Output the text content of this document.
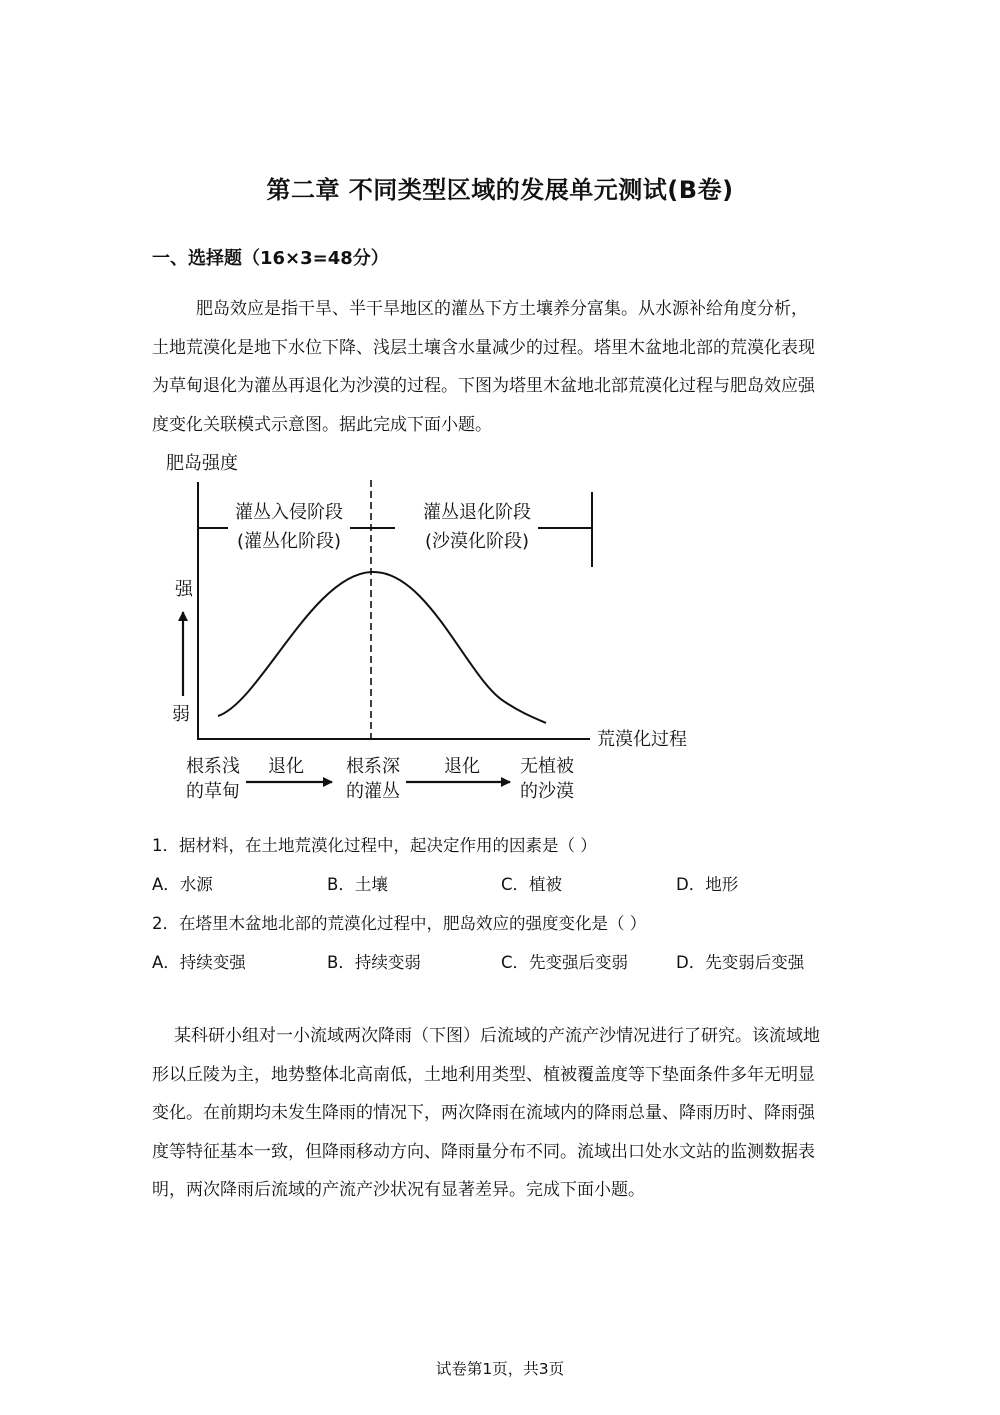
第二章 不同类型区域的发展单元测试(B卷)
一、选择题（16×3=48分）
肥岛效应是指干旱、半干旱地区的灌丛下方土壤养分富集。从水源补给角度分析，
土地荒漠化是地下水位下降、浅层土壤含水量减少的过程。塔里木盆地北部的荒漠化表现
为草甸退化为灌丛再退化为沙漠的过程。下图为塔里木盆地北部荒漠化过程与肥岛效应强
度变化关联模式示意图。据此完成下面小题。
肥岛强度
强
弱
灌丛入侵阶段
(灌丛化阶段)
灌丛退化阶段
(沙漠化阶段)
荒漠化过程
根系浅
的草甸
退化 根系深
的灌丛
退化 无植被
的沙漠
1．据材料，在土地荒漠化过程中，起决定作用的因素是（ ）
A．水源	B．土壤	C．植被	D．地形
2．在塔里木盆地北部的荒漠化过程中，肥岛效应的强度变化是（ ）
A．持续变强	B．持续变弱	C．先变强后变弱	D．先变弱后变强
某科研小组对一小流域两次降雨（下图）后流域的产流产沙情况进行了研究。该流域地
形以丘陵为主，地势整体北高南低，土地利用类型、植被覆盖度等下垫面条件多年无明显
变化。在前期均未发生降雨的情况下，两次降雨在流域内的降雨总量、降雨历时、降雨强
度等特征基本一致，但降雨移动方向、降雨量分布不同。流域出口处水文站的监测数据表
明，两次降雨后流域的产流产沙状况有显著差异。完成下面小题。
试卷第1页，共3页
